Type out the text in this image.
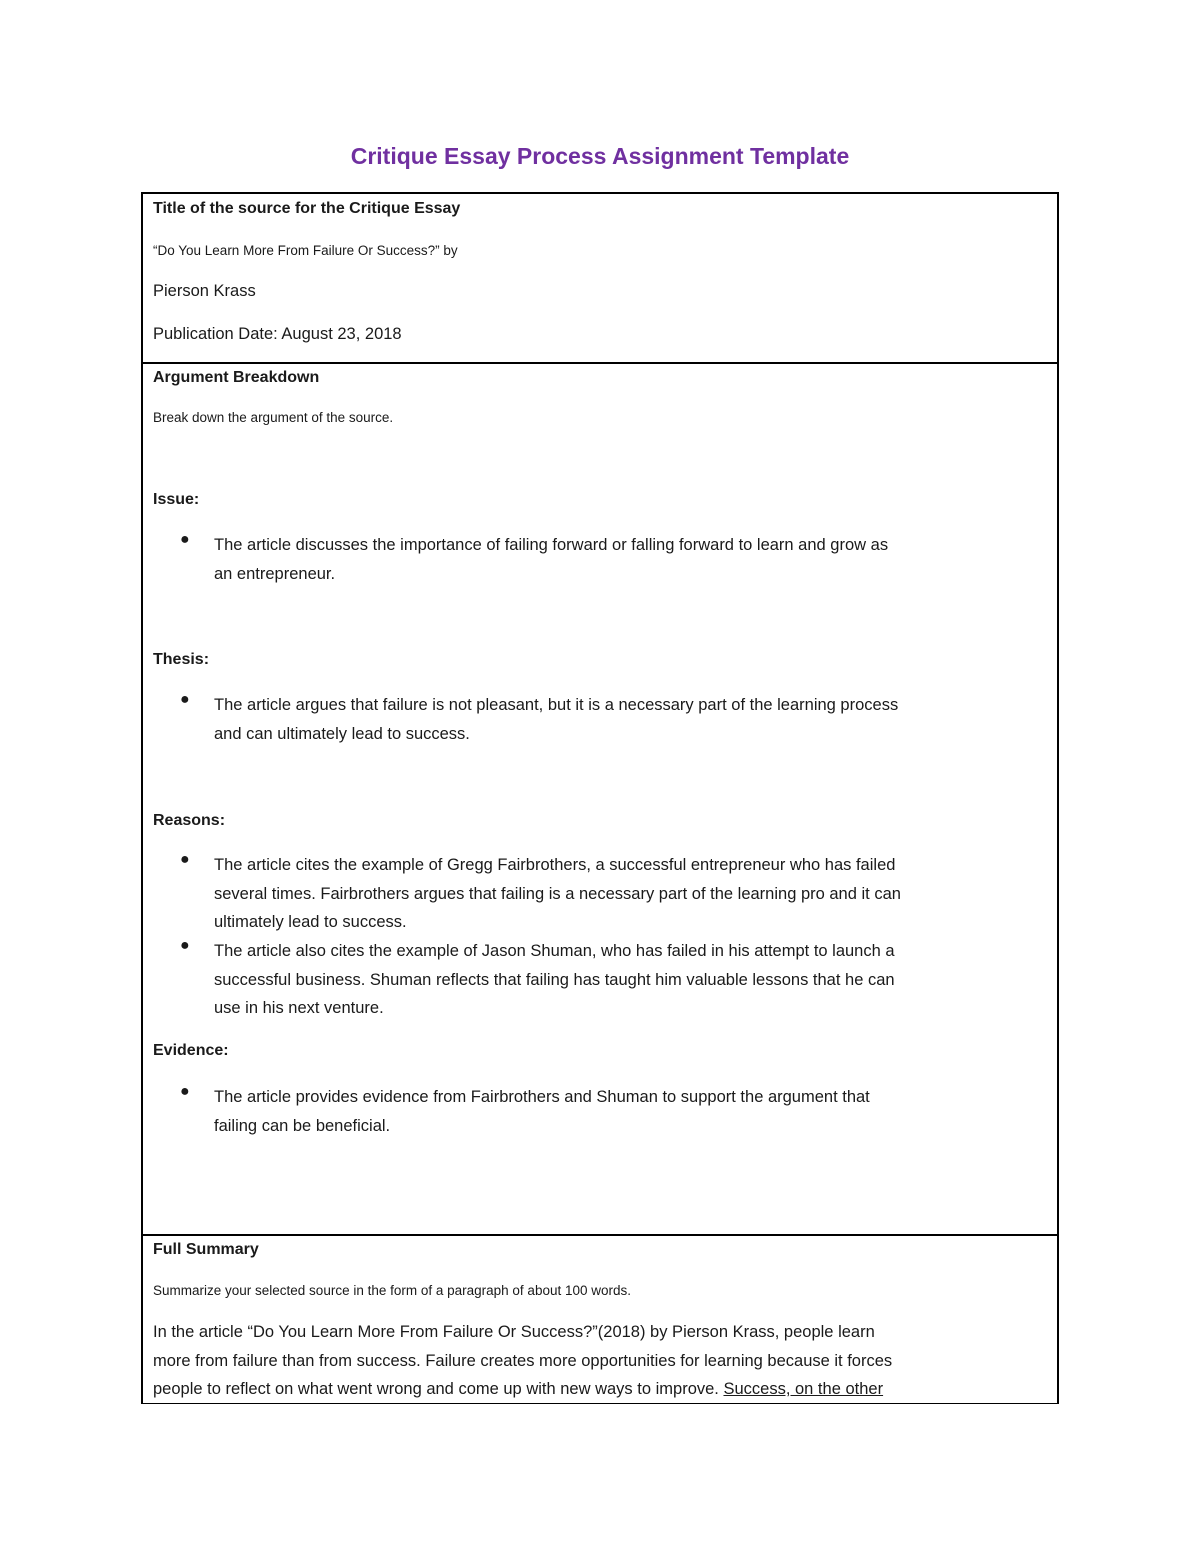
Critique Essay Process Assignment Template

Title of the source for the Critique Essay

“Do You Learn More From Failure Or Success?” by

Pierson Krass

Publication Date: August 23, 2018

Argument Breakdown

Break down the argument of the source.

Issue:

● The article discusses the importance of failing forward or falling forward to learn and grow as
an entrepreneur.

Thesis:

● The article argues that failure is not pleasant, but it is a necessary part of the learning process
and can ultimately lead to success.

Reasons:

● The article cites the example of Gregg Fairbrothers, a successful entrepreneur who has failed
several times. Fairbrothers argues that failing is a necessary part of the learning pro and it can
ultimately lead to success.
● The article also cites the example of Jason Shuman, who has failed in his attempt to launch a
successful business. Shuman reflects that failing has taught him valuable lessons that he can
use in his next venture.

Evidence:

● The article provides evidence from Fairbrothers and Shuman to support the argument that
failing can be beneficial.

Full Summary

Summarize your selected source in the form of a paragraph of about 100 words.

In the article “Do You Learn More From Failure Or Success?”(2018) by Pierson Krass, people learn
more from failure than from success. Failure creates more opportunities for learning because it forces
people to reflect on what went wrong and come up with new ways to improve. Success, on the other
